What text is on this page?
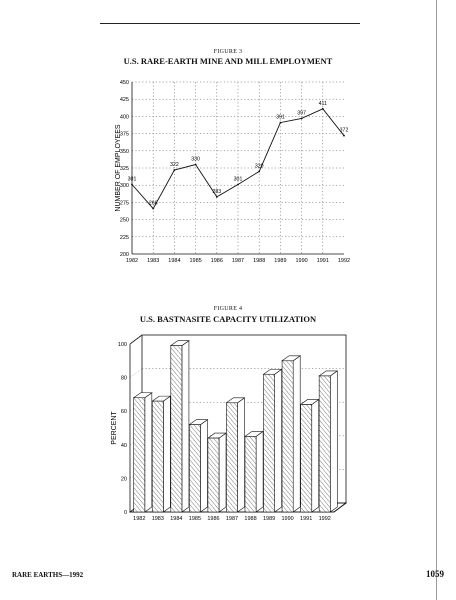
FIGURE 3
U.S. RARE-EARTH MINE AND MILL EMPLOYMENT
200
225
250
275
300
325
350
375
400
425
450
1982 1983 1984 1985 1986 1987 1988 1989 1990 1991 1992
301
266
322
330
283
301
320
391
397
411
372
NUMBER OF EMPLOYEES
FIGURE 4
U.S. BASTNASITE CAPACITY UTILIZATION
0
20
40
60
80
100
1982 1983 1984 1985 1986 1987 1988 1989 1990 1991 1992
PERCENT
RARE EARTHS—1992	1059
